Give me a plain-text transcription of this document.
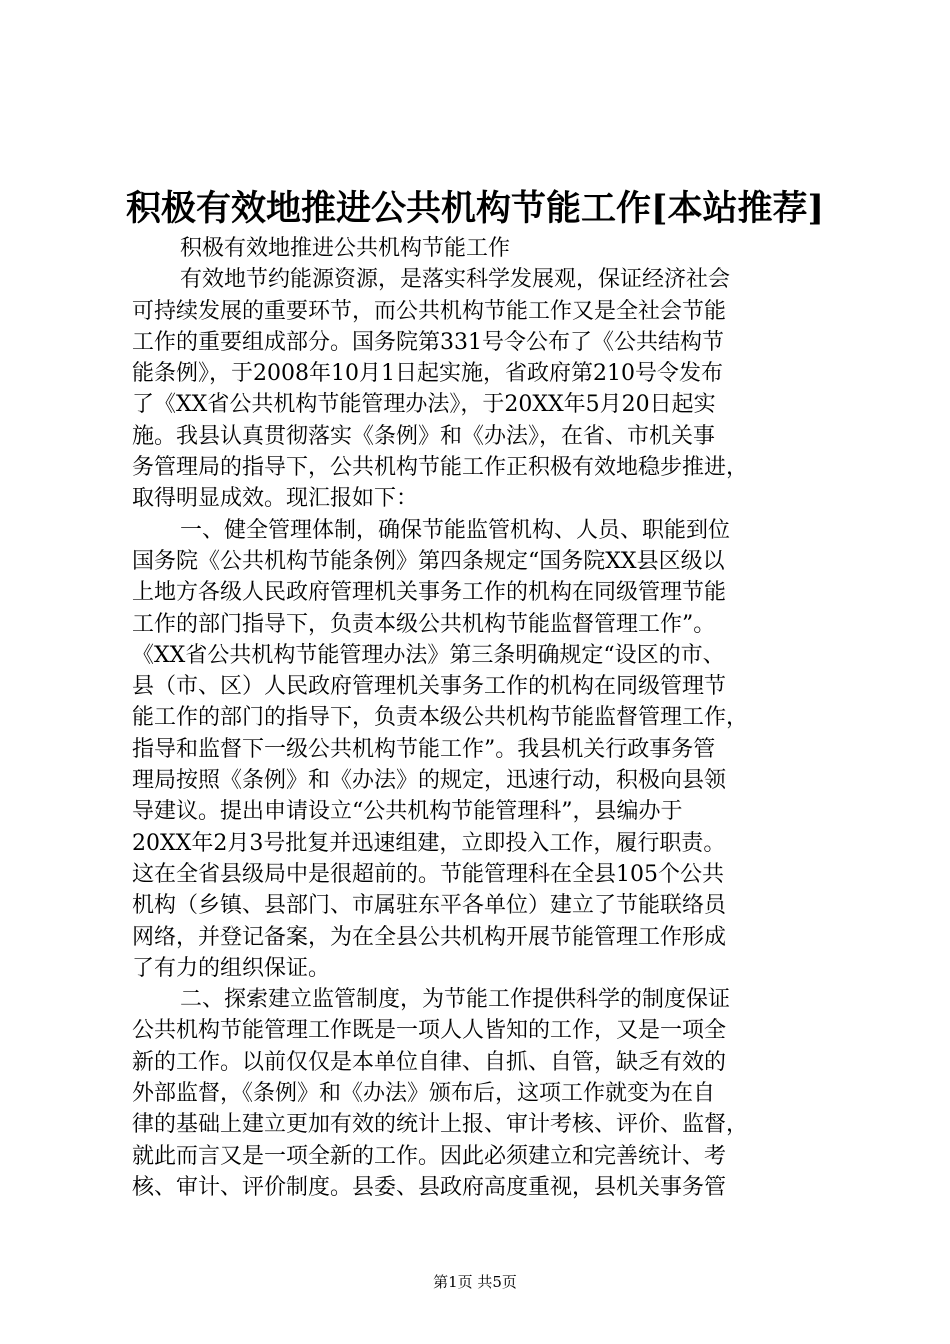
积极有效地推进公共机构节能工作[本站推荐]
积极有效地推进公共机构节能工作
有效地节约能源资源，是落实科学发展观，保证经济社会
可持续发展的重要环节，而公共机构节能工作又是全社会节能
工作的重要组成部分。国务院第331号令公布了《公共结构节
能条例》，于2008年10月1日起实施，省政府第210号令发布
了《XX省公共机构节能管理办法》，于20XX年5月20日起实
施。我县认真贯彻落实《条例》和《办法》，在省、市机关事
务管理局的指导下，公共机构节能工作正积极有效地稳步推进，
取得明显成效。现汇报如下：
一、健全管理体制，确保节能监管机构、人员、职能到位
国务院《公共机构节能条例》第四条规定“国务院XX县区级以
上地方各级人民政府管理机关事务工作的机构在同级管理节能
工作的部门指导下，负责本级公共机构节能监督管理工作”。
《XX省公共机构节能管理办法》第三条明确规定“设区的市、
县（市、区）人民政府管理机关事务工作的机构在同级管理节
能工作的部门的指导下，负责本级公共机构节能监督管理工作，
指导和监督下一级公共机构节能工作”。我县机关行政事务管
理局按照《条例》和《办法》的规定，迅速行动，积极向县领
导建议。提出申请设立“公共机构节能管理科”，县编办于
20XX年2月3号批复并迅速组建，立即投入工作，履行职责。
这在全省县级局中是很超前的。节能管理科在全县105个公共
机构（乡镇、县部门、市属驻东平各单位）建立了节能联络员
网络，并登记备案，为在全县公共机构开展节能管理工作形成
了有力的组织保证。
二、探索建立监管制度，为节能工作提供科学的制度保证
公共机构节能管理工作既是一项人人皆知的工作，又是一项全
新的工作。以前仅仅是本单位自律、自抓、自管，缺乏有效的
外部监督，《条例》和《办法》颁布后，这项工作就变为在自
律的基础上建立更加有效的统计上报、审计考核、评价、监督，
就此而言又是一项全新的工作。因此必须建立和完善统计、考
核、审计、评价制度。县委、县政府高度重视，县机关事务管
第1页 共5页
